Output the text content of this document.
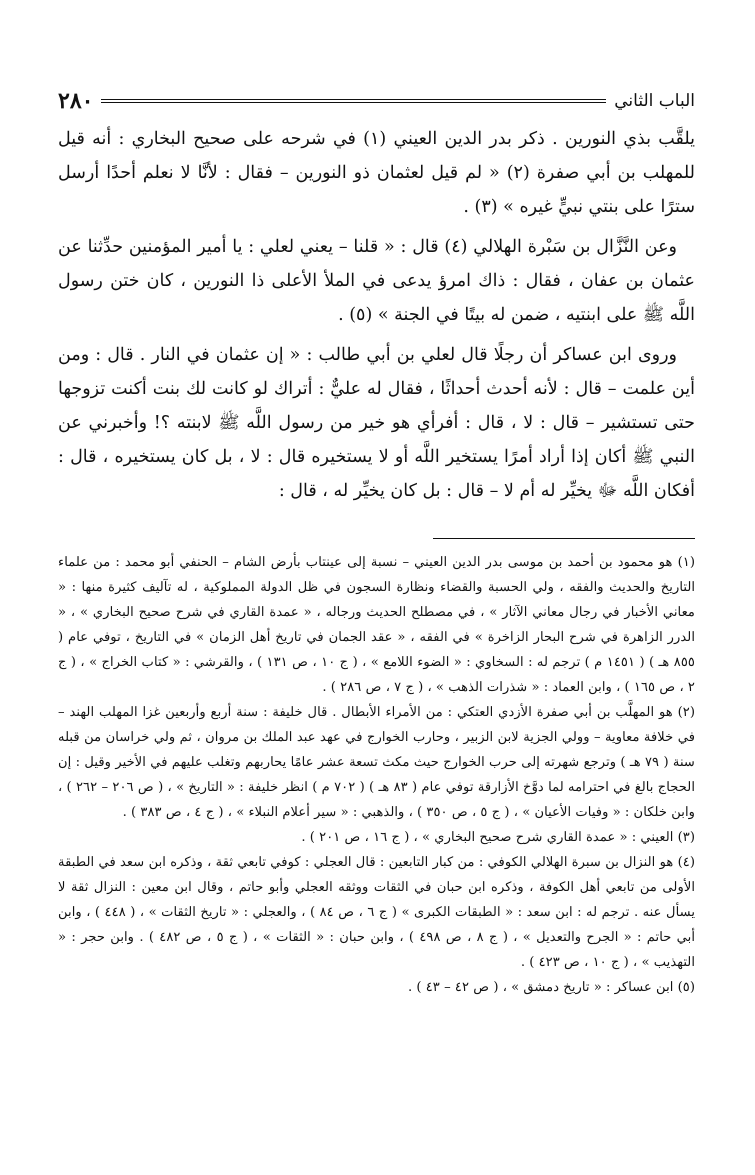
الباب الثاني
٢٨٠

يلقَّب بذي النورين . ذكر بدر الدين العيني (١) في شرحه على صحيح البخاري : أنه قيل للمهلب بن أبي صفرة (٢) « لم قيل لعثمان ذو النورين – فقال : لأنَّا لا نعلم أحدًا أرسل سترًا على بنتي نبيٍّ غيره » (٣) .

وعن النَّزَّال بن سَبْرة الهلالي (٤) قال : « قلنا – يعني لعلي : يا أمير المؤمنين حدِّثنا عن عثمان بن عفان ، فقال : ذاك امرؤ يدعى في الملأ الأعلى ذا النورين ، كان ختن رسول اللَّه ﷺ على ابنتيه ، ضمن له بيتًا في الجنة » (٥) .

وروى ابن عساكر أن رجلًا قال لعلي بن أبي طالب : « إن عثمان في النار . قال : ومن أين علمت – قال : لأنه أحدث أحداثًا ، فقال له عليٌّ : أتراك لو كانت لك بنت أكنت تزوجها حتى تستشير – قال : لا ، قال : أفرأي هو خير من رسول اللَّه ﷺ لابنته ؟! وأخبرني عن النبي ﷺ أكان إذا أراد أمرًا يستخير اللَّه أو لا يستخيره قال : لا ، بل كان يستخيره ، قال : أفكان اللَّه ﷻ يخيِّر له أم لا – قال : بل كان يخيِّر له ، قال :

(١) هو محمود بن أحمد بن موسى بدر الدين العيني – نسبة إلى عينتاب بأرض الشام – الحنفي أبو محمد : من علماء التاريخ والحديث والفقه ، ولي الحسبة والقضاء ونظارة السجون في ظل الدولة المملوكية ، له تآليف كثيرة منها : « معاني الأخبار في رجال معاني الآثار » ، في مصطلح الحديث ورجاله ، « عمدة القاري في شرح صحيح البخاري » ، « الدرر الزاهرة في شرح البحار الزاخرة » في الفقه ، « عقد الجمان في تاريخ أهل الزمان » في التاريخ ، توفي عام ( ٨٥٥ هـ ) ( ١٤٥١ م ) ترجم له : السخاوي : « الضوء اللامع » ، ( ج ١٠ ، ص ١٣١ ) ، والقرشي : « كتاب الخراج » ، ( ج ٢ ، ص ١٦٥ ) ، وابن العماد : « شذرات الذهب » ، ( ج ٧ ، ص ٢٨٦ ) .

(٢) هو المهلَّب بن أبي صفرة الأزدي العتكي : من الأمراء الأبطال . قال خليفة : سنة أربع وأربعين غزا المهلب الهند – في خلافة معاوية – وولي الجزية لابن الزبير ، وحارب الخوارج في عهد عبد الملك بن مروان ، ثم ولي خراسان من قبله سنة ( ٧٩ هـ ) وترجع شهرته إلى حرب الخوارج حيث مكث تسعة عشر عامًا يحاربهم وتغلب عليهم في الأخير وقيل : إن الحجاج بالغ في احترامه لما دوَّخ الأزارقة توفي عام ( ٨٣ هـ ) ( ٧٠٢ م ) انظر خليفة : « التاريخ » ، ( ص ٢٠٦ – ٢٦٢ ) ، وابن خلكان : « وفيات الأعيان » ، ( ج ٥ ، ص ٣٥٠ ) ، والذهبي : « سير أعلام النبلاء » ، ( ج ٤ ، ص ٣٨٣ ) .

(٣) العيني : « عمدة القاري شرح صحيح البخاري » ، ( ج ١٦ ، ص ٢٠١ ) .

(٤) هو النزال بن سبرة الهلالي الكوفي : من كبار التابعين : قال العجلي : كوفي تابعي ثقة ، وذكره ابن سعد في الطبقة الأولى من تابعي أهل الكوفة ، وذكره ابن حبان في الثقات ووثقه العجلي وأبو حاتم ، وقال ابن معين : النزال ثقة لا يسأل عنه . ترجم له : ابن سعد : « الطبقات الكبرى » ( ج ٦ ، ص ٨٤ ) ، والعجلي : « تاريخ الثقات » ، ( ٤٤٨ ) ، وابن أبي حاتم : « الجرح والتعديل » ، ( ج ٨ ، ص ٤٩٨ ) ، وابن حبان : « الثقات » ، ( ج ٥ ، ص ٤٨٢ ) . وابن حجر : « التهذيب » ، ( ج ١٠ ، ص ٤٢٣ ) .

(٥) ابن عساكر : « تاريخ دمشق » ، ( ص ٤٢ – ٤٣ ) .
